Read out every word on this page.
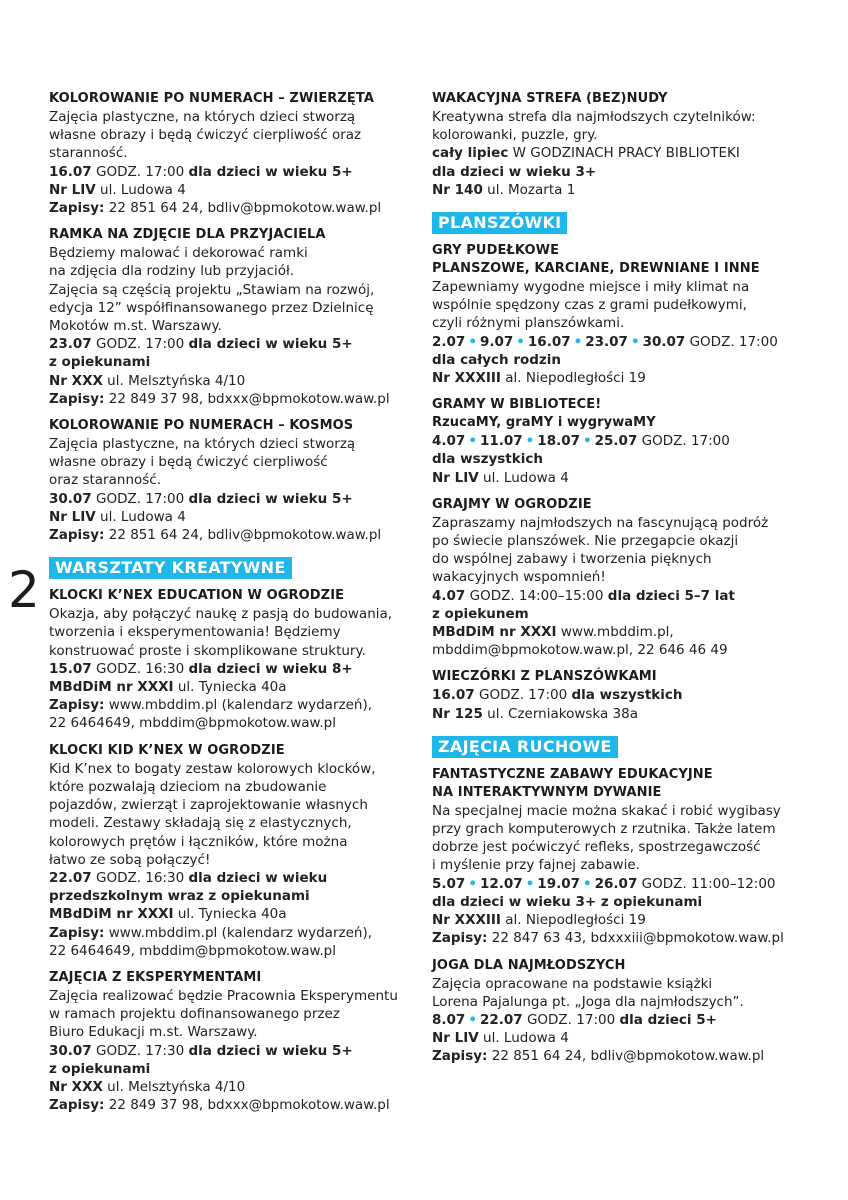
2
KOLOROWANIE PO NUMERACH – ZWIERZĘTA
Zajęcia plastyczne, na których dzieci stworzą
własne obrazy i będą ćwiczyć cierpliwość oraz
staranność.
16.07 GODZ. 17:00 dla dzieci w wieku 5+
Nr LIV ul. Ludowa 4
Zapisy: 22 851 64 24, bdliv@bpmokotow.waw.pl
RAMKA NA ZDJĘCIE DLA PRZYJACIELA
Będziemy malować i dekorować ramki
na zdjęcia dla rodziny lub przyjaciół.
Zajęcia są częścią projektu „Stawiam na rozwój,
edycja 12” współfinansowanego przez Dzielnicę
Mokotów m.st. Warszawy.
23.07 GODZ. 17:00 dla dzieci w wieku 5+
z opiekunami
Nr XXX ul. Melsztyńska 4/10
Zapisy: 22 849 37 98, bdxxx@bpmokotow.waw.pl
KOLOROWANIE PO NUMERACH – KOSMOS
Zajęcia plastyczne, na których dzieci stworzą
własne obrazy i będą ćwiczyć cierpliwość
oraz staranność.
30.07 GODZ. 17:00 dla dzieci w wieku 5+
Nr LIV ul. Ludowa 4
Zapisy: 22 851 64 24, bdliv@bpmokotow.waw.pl
WARSZTATY KREATYWNE
KLOCKI K’NEX EDUCATION W OGRODZIE
Okazja, aby połączyć naukę z pasją do budowania,
tworzenia i eksperymentowania! Będziemy
konstruować proste i skomplikowane struktury.
15.07 GODZ. 16:30 dla dzieci w wieku 8+
MBdDiM nr XXXI ul. Tyniecka 40a
Zapisy: www.mbddim.pl (kalendarz wydarzeń),
22 6464649, mbddim@bpmokotow.waw.pl
KLOCKI KID K’NEX W OGRODZIE
Kid K’nex to bogaty zestaw kolorowych klocków,
które pozwalają dzieciom na zbudowanie
pojazdów, zwierząt i zaprojektowanie własnych
modeli. Zestawy składają się z elastycznych,
kolorowych prętów i łączników, które można
łatwo ze sobą połączyć!
22.07 GODZ. 16:30 dla dzieci w wieku
przedszkolnym wraz z opiekunami
MBdDiM nr XXXI ul. Tyniecka 40a
Zapisy: www.mbddim.pl (kalendarz wydarzeń),
22 6464649, mbddim@bpmokotow.waw.pl
ZAJĘCIA Z EKSPERYMENTAMI
Zajęcia realizować będzie Pracownia Eksperymentu
w ramach projektu dofinansowanego przez
Biuro Edukacji m.st. Warszawy.
30.07 GODZ. 17:30 dla dzieci w wieku 5+
z opiekunami
Nr XXX ul. Melsztyńska 4/10
Zapisy: 22 849 37 98, bdxxx@bpmokotow.waw.pl
WAKACYJNA STREFA (BEZ)NUDY
Kreatywna strefa dla najmłodszych czytelników:
kolorowanki, puzzle, gry.
cały lipiec W GODZINACH PRACY BIBLIOTEKI
dla dzieci w wieku 3+
Nr 140 ul. Mozarta 1
PLANSZÓWKI
GRY PUDEŁKOWE
PLANSZOWE, KARCIANE, DREWNIANE I INNE
Zapewniamy wygodne miejsce i miły klimat na
wspólnie spędzony czas z grami pudełkowymi,
czyli różnymi planszówkami.
2.07 • 9.07 • 16.07 • 23.07 • 30.07 GODZ. 17:00
dla całych rodzin
Nr XXXIII al. Niepodległości 19
GRAMY W BIBLIOTECE!
RzucaMY, graMY i wygrywaMY
4.07 • 11.07 • 18.07 • 25.07 GODZ. 17:00
dla wszystkich
Nr LIV ul. Ludowa 4
GRAJMY W OGRODZIE
Zapraszamy najmłodszych na fascynującą podróż
po świecie planszówek. Nie przegapcie okazji
do wspólnej zabawy i tworzenia pięknych
wakacyjnych wspomnień!
4.07 GODZ. 14:00–15:00 dla dzieci 5–7 lat
z opiekunem
MBdDiM nr XXXI www.mbddim.pl,
mbddim@bpmokotow.waw.pl, 22 646 46 49
WIECZÓRKI Z PLANSZÓWKAMI
16.07 GODZ. 17:00 dla wszystkich
Nr 125 ul. Czerniakowska 38a
ZAJĘCIA RUCHOWE
FANTASTYCZNE ZABAWY EDUKACYJNE
NA INTERAKTYWNYM DYWANIE
Na specjalnej macie można skakać i robić wygibasy
przy grach komputerowych z rzutnika. Także latem
dobrze jest poćwiczyć refleks, spostrzegawczość
i myślenie przy fajnej zabawie.
5.07 • 12.07 • 19.07 • 26.07 GODZ. 11:00–12:00
dla dzieci w wieku 3+ z opiekunami
Nr XXXIII al. Niepodległości 19
Zapisy: 22 847 63 43, bdxxxiii@bpmokotow.waw.pl
JOGA DLA NAJMŁODSZYCH
Zajęcia opracowane na podstawie książki
Lorena Pajalunga pt. „Joga dla najmłodszych”.
8.07 • 22.07 GODZ. 17:00 dla dzieci 5+
Nr LIV ul. Ludowa 4
Zapisy: 22 851 64 24, bdliv@bpmokotow.waw.pl
